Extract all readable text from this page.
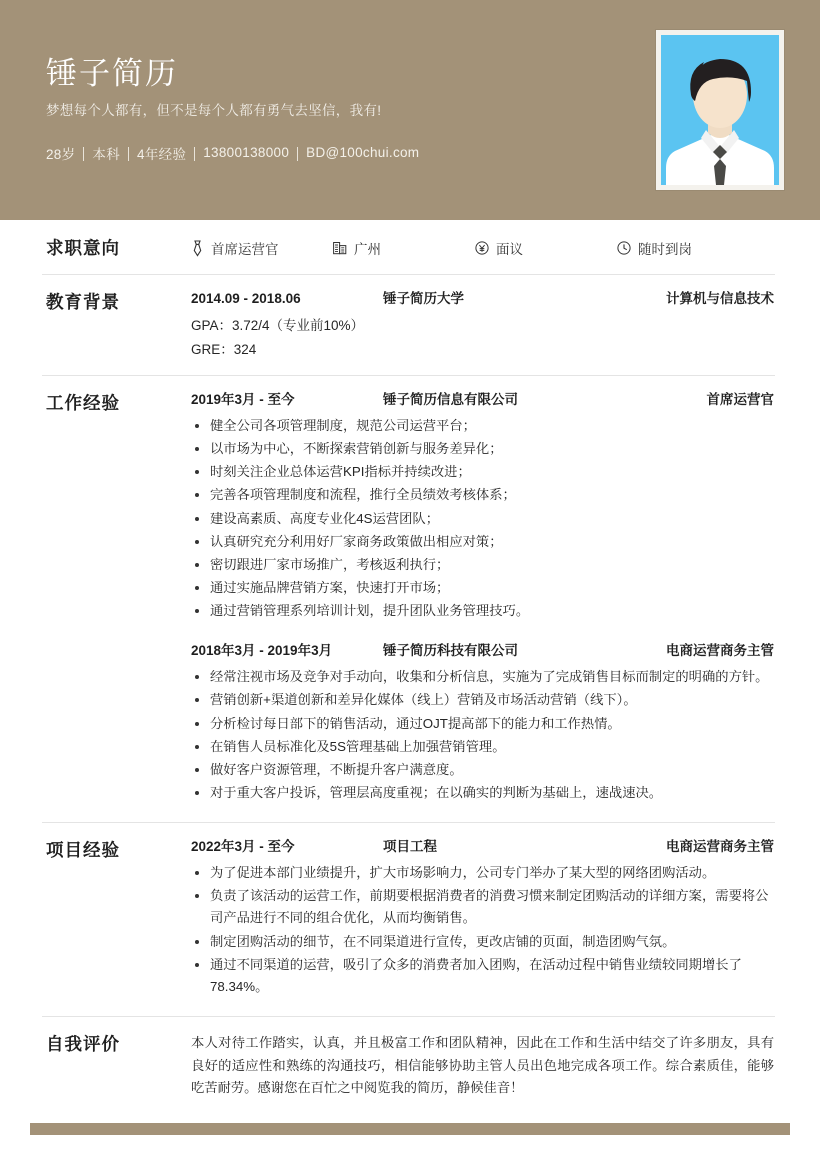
锤子简历
梦想每个人都有，但不是每个人都有勇气去坚信，我有!
28岁 本科 4年经验 13800138000 BD@100chui.com
求职意向	首席运营官	广州	面议	随时到岗
教育背景	2014.09 - 2018.06	锤子简历大学	计算机与信息技术
GPA：3.72/4（专业前10%）
GRE：324
工作经验	2019年3月 - 至今	锤子简历信息有限公司	首席运营官
健全公司各项管理制度，规范公司运营平台；
以市场为中心，不断探索营销创新与服务差异化；
时刻关注企业总体运营KPI指标并持续改进；
完善各项管理制度和流程，推行全员绩效考核体系；
建设高素质、高度专业化4S运营团队；
认真研究充分利用好厂家商务政策做出相应对策；
密切跟进厂家市场推广，考核返利执行；
通过实施品牌营销方案，快速打开市场；
通过营销管理系列培训计划，提升团队业务管理技巧。
2018年3月 - 2019年3月	锤子简历科技有限公司	电商运营商务主管
经常注视市场及竞争对手动向，收集和分析信息，实施为了完成销售目标而制定的明确的方针。
营销创新+渠道创新和差异化媒体（线上）营销及市场活动营销（线下）。
分析检讨每日部下的销售活动，通过OJT提高部下的能力和工作热情。
在销售人员标准化及5S管理基础上加强营销管理。
做好客户资源管理，不断提升客户满意度。
对于重大客户投诉，管理层高度重视；在以确实的判断为基础上，速战速决。
项目经验	2022年3月 - 至今	项目工程	电商运营商务主管
为了促进本部门业绩提升，扩大市场影响力，公司专门举办了某大型的网络团购活动。
负责了该活动的运营工作，前期要根据消费者的消费习惯来制定团购活动的详细方案，需要将公司产品进行不同的组合优化，从而均衡销售。
制定团购活动的细节，在不同渠道进行宣传，更改店铺的页面，制造团购气氛。
通过不同渠道的运营，吸引了众多的消费者加入团购，在活动过程中销售业绩较同期增长了78.34%。
自我评价	本人对待工作踏实，认真，并且极富工作和团队精神，因此在工作和生活中结交了许多朋友，具有良好的适应性和熟练的沟通技巧，相信能够协助主管人员出色地完成各项工作。综合素质佳，能够吃苦耐劳。感谢您在百忙之中阅览我的简历，静候佳音！
